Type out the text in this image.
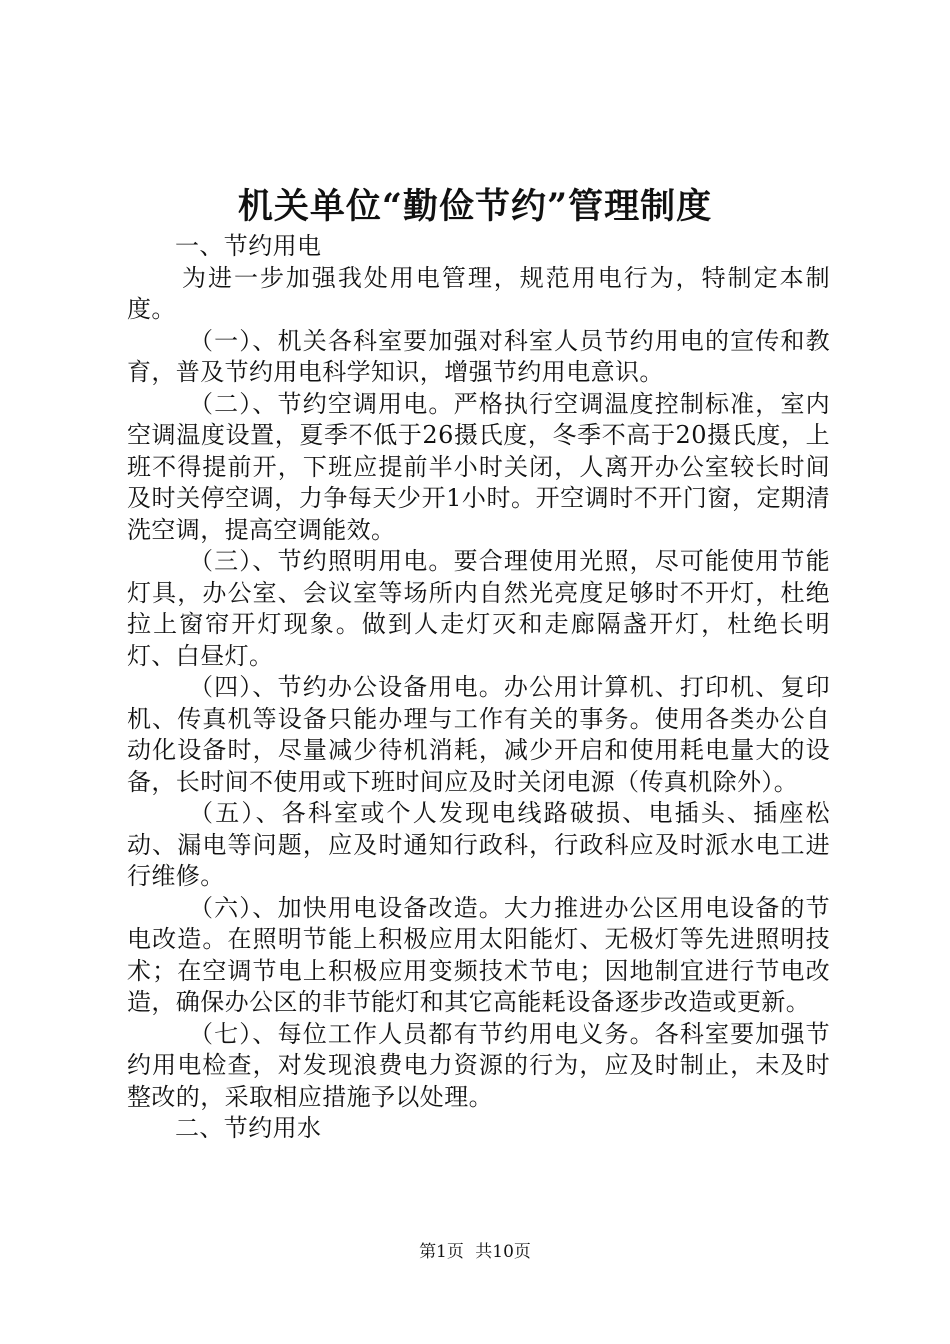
机关单位“勤俭节约”管理制度

一、节约用电

为进一步加强我处用电管理，规范用电行为，特制定本制度。

（一）、机关各科室要加强对科室人员节约用电的宣传和教育，普及节约用电科学知识，增强节约用电意识。

（二）、节约空调用电。严格执行空调温度控制标准，室内空调温度设置，夏季不低于26摄氏度，冬季不高于20摄氏度，上班不得提前开，下班应提前半小时关闭，人离开办公室较长时间及时关停空调，力争每天少开1小时。开空调时不开门窗，定期清洗空调，提高空调能效。

（三）、节约照明用电。要合理使用光照，尽可能使用节能灯具，办公室、会议室等场所内自然光亮度足够时不开灯，杜绝拉上窗帘开灯现象。做到人走灯灭和走廊隔盏开灯，杜绝长明灯、白昼灯。

（四）、节约办公设备用电。办公用计算机、打印机、复印机、传真机等设备只能办理与工作有关的事务。使用各类办公自动化设备时，尽量减少待机消耗，减少开启和使用耗电量大的设备，长时间不使用或下班时间应及时关闭电源（传真机除外）。

（五）、各科室或个人发现电线路破损、电插头、插座松动、漏电等问题，应及时通知行政科，行政科应及时派水电工进行维修。

（六）、加快用电设备改造。大力推进办公区用电设备的节电改造。在照明节能上积极应用太阳能灯、无极灯等先进照明技术；在空调节电上积极应用变频技术节电；因地制宜进行节电改造，确保办公区的非节能灯和其它高能耗设备逐步改造或更新。

（七）、每位工作人员都有节约用电义务。各科室要加强节约用电检查，对发现浪费电力资源的行为，应及时制止，未及时整改的，采取相应措施予以处理。

二、节约用水

第1页 共10页
